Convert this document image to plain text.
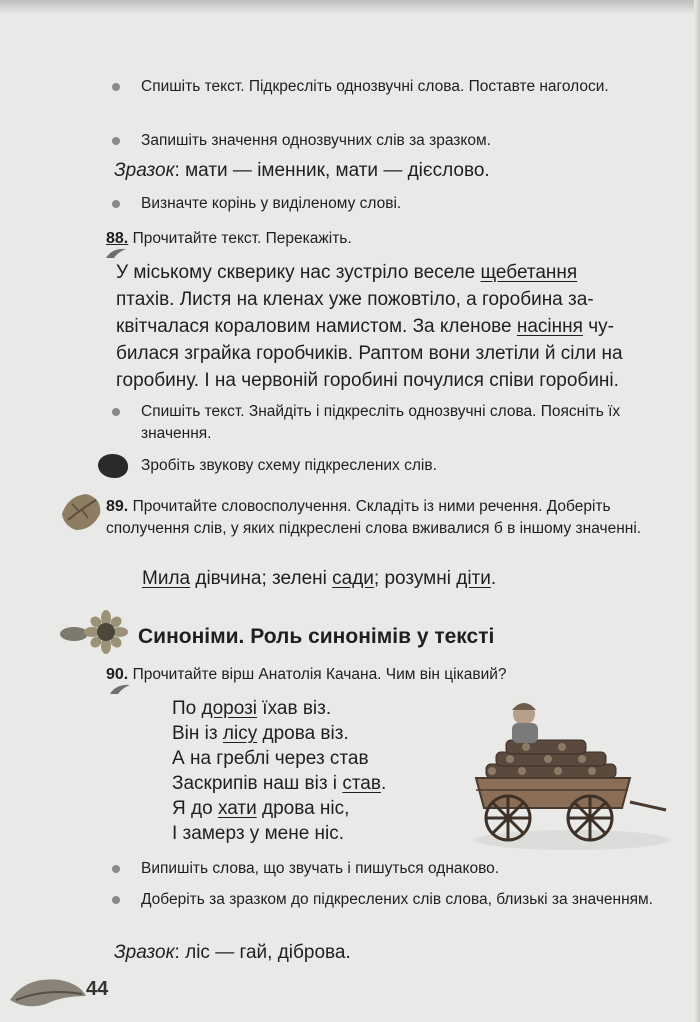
Спишіть текст. Підкресліть однозвучні слова. Поставте наголоси.
Запишіть значення однозвучних слів за зразком.
Зразок: мати — іменник, мати — дієслово.
Визначте корінь у виділеному слові.
88. Прочитайте текст. Перекажіть.
У міському скверику нас зустріло веселе щебетання
птахів. Листя на кленах уже пожовтіло, а горобина за-
квітчалася кораловим намистом. За кленове насіння чу-
билася зграйка горобчиків. Раптом вони злетіли й сіли на
горобину. І на червоній горобині почулися співи горобині.
Спишіть текст. Знайдіть і підкресліть однозвучні слова. Поясніть їх значення.
Зробіть звукову схему підкреслених слів.
89. Прочитайте словосполучення. Складіть із ними речення. Доберіть сполучення слів, у яких підкреслені слова вживалися б в іншому значенні.
Мила дівчина; зелені сади; розумні діти.
Синоніми. Роль синонімів у тексті
90. Прочитайте вірш Анатолія Качана. Чим він цікавий?
По дорозі їхав віз.
Він із лісу дрова віз.
А на греблі через став
Заскрипів наш віз і став.
Я до хати дрова ніс,
І замерз у мене ніс.
Випишіть слова, що звучать і пишуться однаково.
Доберіть за зразком до підкреслених слів слова, близькі за значенням.
Зразок: ліс — гай, діброва.
44
